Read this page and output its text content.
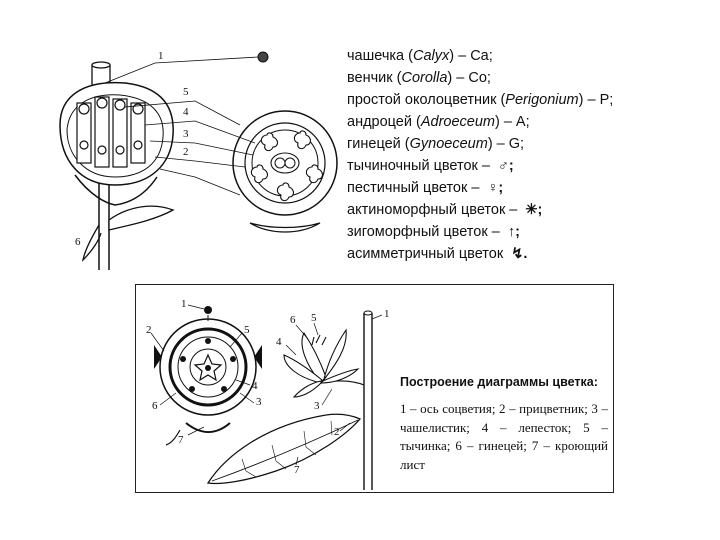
1
5
4
3
2
6
чашечка (Calyx) – Ca;
венчик (Corolla) – Co;
простой околоцветник (Perigonium) – P;
андроцей (Adroeceum) – A;
гинецей (Gynoeceum) – G;
тычиночный цветок – ♂;
пестичный цветок – ♀;
актиноморфный цветок – ✳;
зигоморфный цветок – ↑;
асимметричный цветок ↯.
1
2	5
4
6	3
7
6 5	1
4
3
2
7
Построение диаграммы цветка:
1 – ось соцветия; 2 – прицветник; 3 – чашелистик; 4 – лепесток; 5 – тычинка; 6 – гинецей; 7 – кроющий лист
